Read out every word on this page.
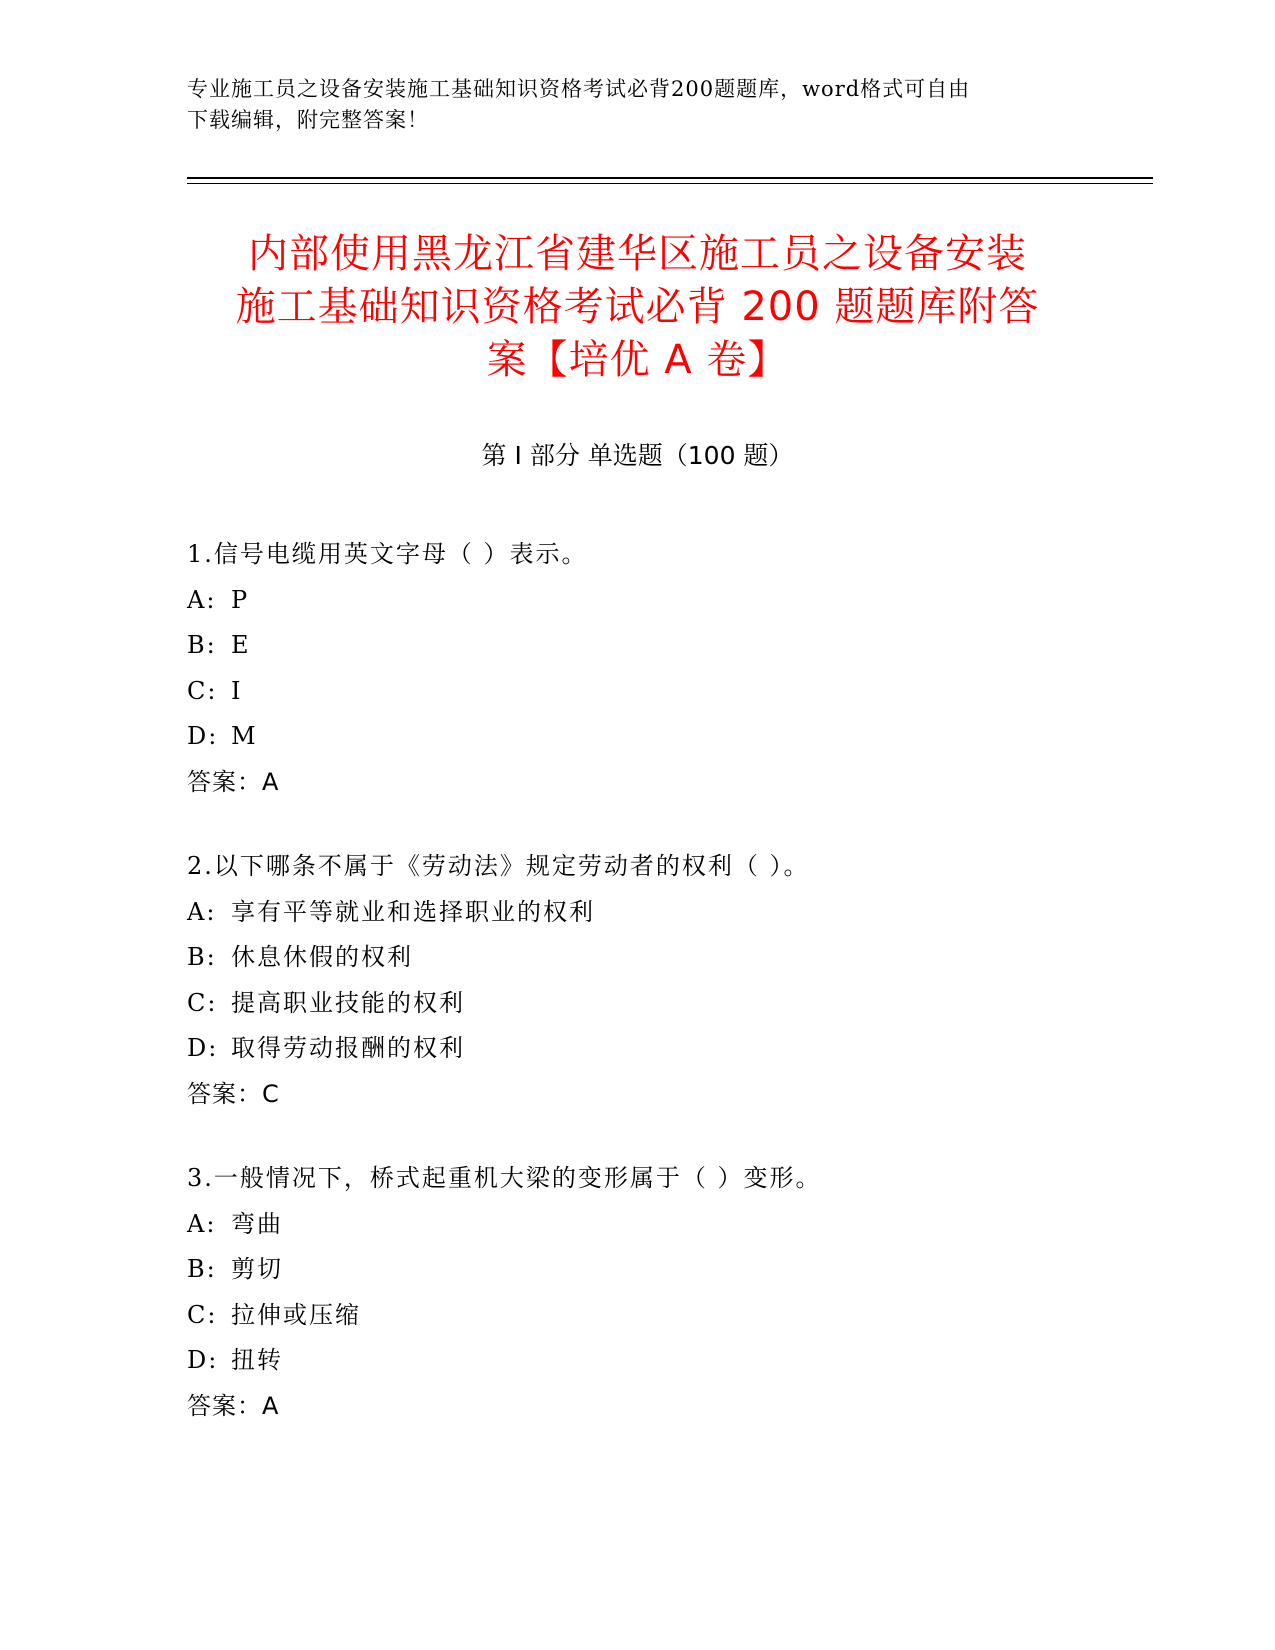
专业施工员之设备安装施工基础知识资格考试必背200题题库，word格式可自由
下载编辑，附完整答案！
内部使用黑龙江省建华区施工员之设备安装
施工基础知识资格考试必背 200 题题库附答
案【培优 A 卷】
第 I 部分 单选题（100 题）
1.信号电缆用英文字母（ ）表示。
A: P
B: E
C: I
D: M
答案：A
2.以下哪条不属于《劳动法》规定劳动者的权利（ ）。
A: 享有平等就业和选择职业的权利
B: 休息休假的权利
C: 提高职业技能的权利
D: 取得劳动报酬的权利
答案：C
3.一般情况下，桥式起重机大梁的变形属于（ ）变形。
A: 弯曲
B: 剪切
C: 拉伸或压缩
D: 扭转
答案：A
